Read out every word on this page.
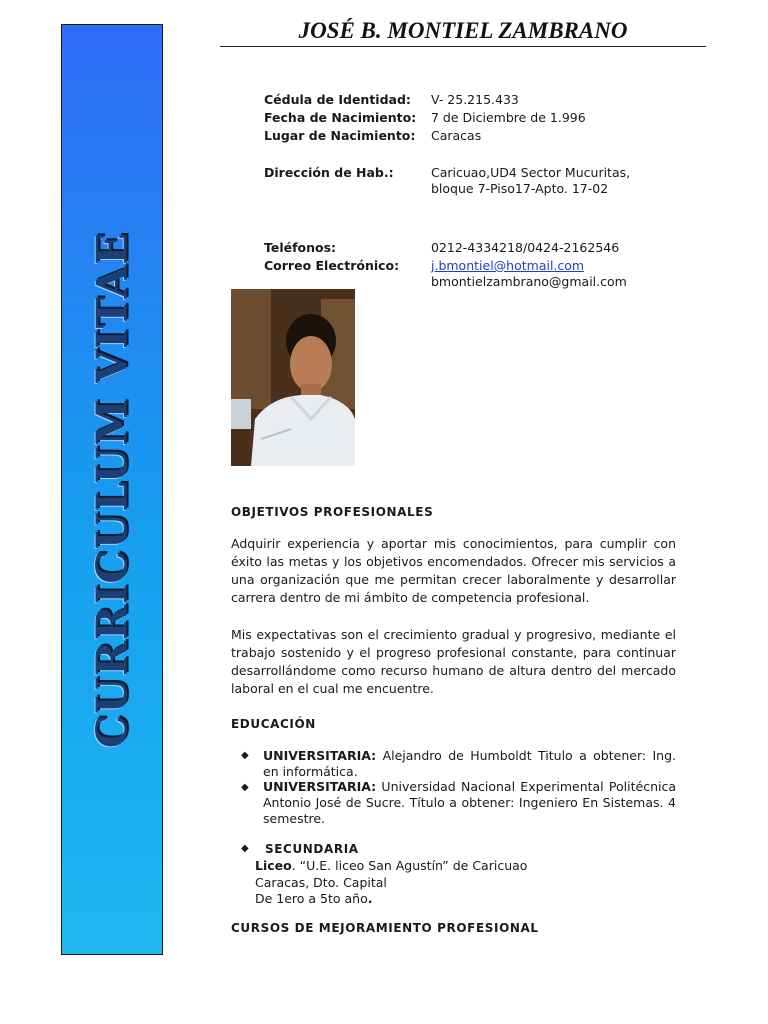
CURRICULUM VITAE
JOSÉ B. MONTIEL ZAMBRANO
Cédula de Identidad: V- 25.215.433
Fecha de Nacimiento: 7 de Diciembre de 1.996
Lugar de Nacimiento: Caracas
Dirección de Hab.:	Caricuao,UD4 Sector Mucuritas,
bloque 7-Piso17-Apto. 17-02
Teléfonos:	0212-4334218/0424-2162546
Correo Electrónico:	j.bmontiel@hotmail.com
bmontielzambrano@gmail.com
OBJETIVOS PROFESIONALES
Adquirir experiencia y aportar mis conocimientos, para cumplir con éxito las metas y los objetivos encomendados. Ofrecer mis servicios a una organización que me permitan crecer laboralmente y desarrollar carrera dentro de mi ámbito de competencia profesional.
Mis expectativas son el crecimiento gradual y progresivo, mediante el trabajo sostenido y el progreso profesional constante, para continuar desarrollándome como recurso humano de altura dentro del mercado laboral en el cual me encuentre.
EDUCACIÓN
◆ UNIVERSITARIA: Alejandro de Humboldt Titulo a obtener: Ing. en informática.
◆ UNIVERSITARIA: Universidad Nacional Experimental Politécnica Antonio José de Sucre. Título a obtener: Ingeniero En Sistemas. 4 semestre.
◆ SECUNDARIA
Liceo. “U.E. liceo San Agustín” de Caricuao
Caracas, Dto. Capital
De 1ero a 5to año.
CURSOS DE MEJORAMIENTO PROFESIONAL
